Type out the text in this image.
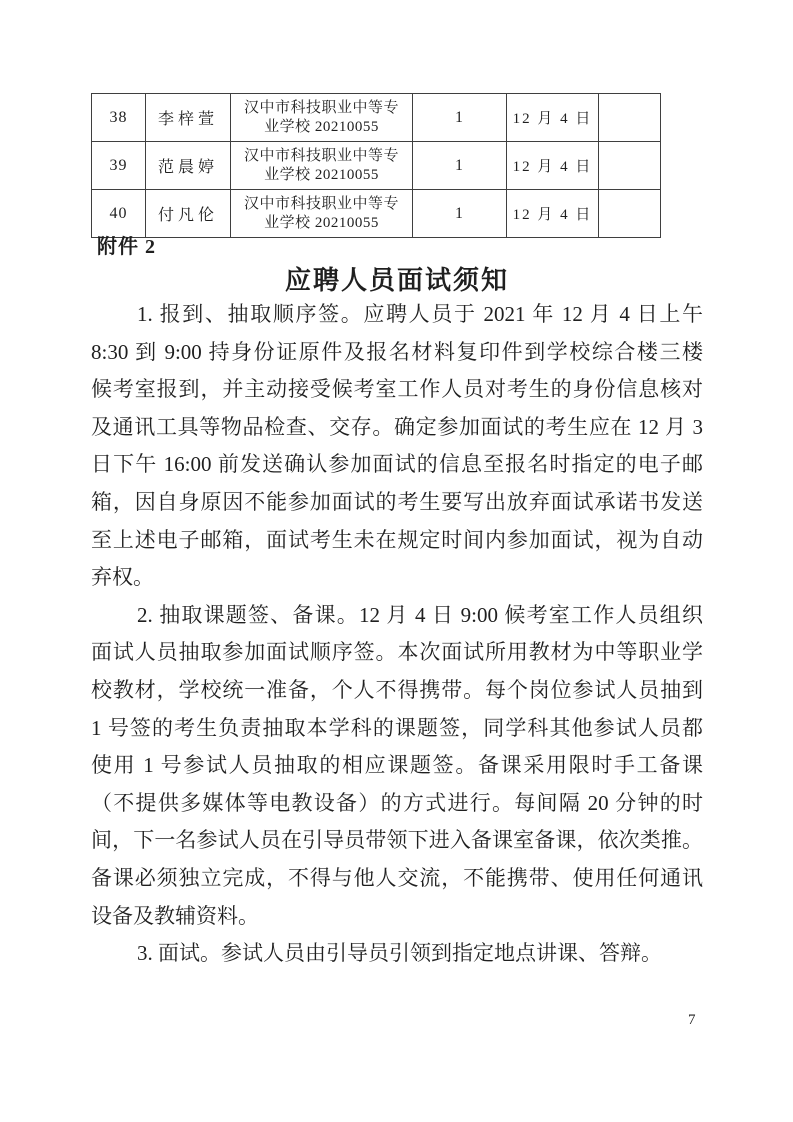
38	李梓萱	汉中市科技职业中等专业学校 20210055	1	12 月 4 日	
39	范晨婷	汉中市科技职业中等专业学校 20210055	1	12 月 4 日	
40	付凡伦	汉中市科技职业中等专业学校 20210055	1	12 月 4 日	
附件 2
应聘人员面试须知
1. 报到、抽取顺序签。应聘人员于 2021 年 12 月 4 日上午
8:30 到 9:00 持身份证原件及报名材料复印件到学校综合楼三楼
候考室报到，并主动接受候考室工作人员对考生的身份信息核对
及通讯工具等物品检查、交存。确定参加面试的考生应在 12 月 3
日下午 16:00 前发送确认参加面试的信息至报名时指定的电子邮
箱，因自身原因不能参加面试的考生要写出放弃面试承诺书发送
至上述电子邮箱，面试考生未在规定时间内参加面试，视为自动
弃权。
2. 抽取课题签、备课。12 月 4 日 9:00 候考室工作人员组织
面试人员抽取参加面试顺序签。本次面试所用教材为中等职业学
校教材，学校统一准备，个人不得携带。每个岗位参试人员抽到
1 号签的考生负责抽取本学科的课题签，同学科其他参试人员都
使用 1 号参试人员抽取的相应课题签。备课采用限时手工备课
（不提供多媒体等电教设备）的方式进行。每间隔 20 分钟的时
间，下一名参试人员在引导员带领下进入备课室备课，依次类推。
备课必须独立完成，不得与他人交流，不能携带、使用任何通讯
设备及教辅资料。
3. 面试。参试人员由引导员引领到指定地点讲课、答辩。
7
